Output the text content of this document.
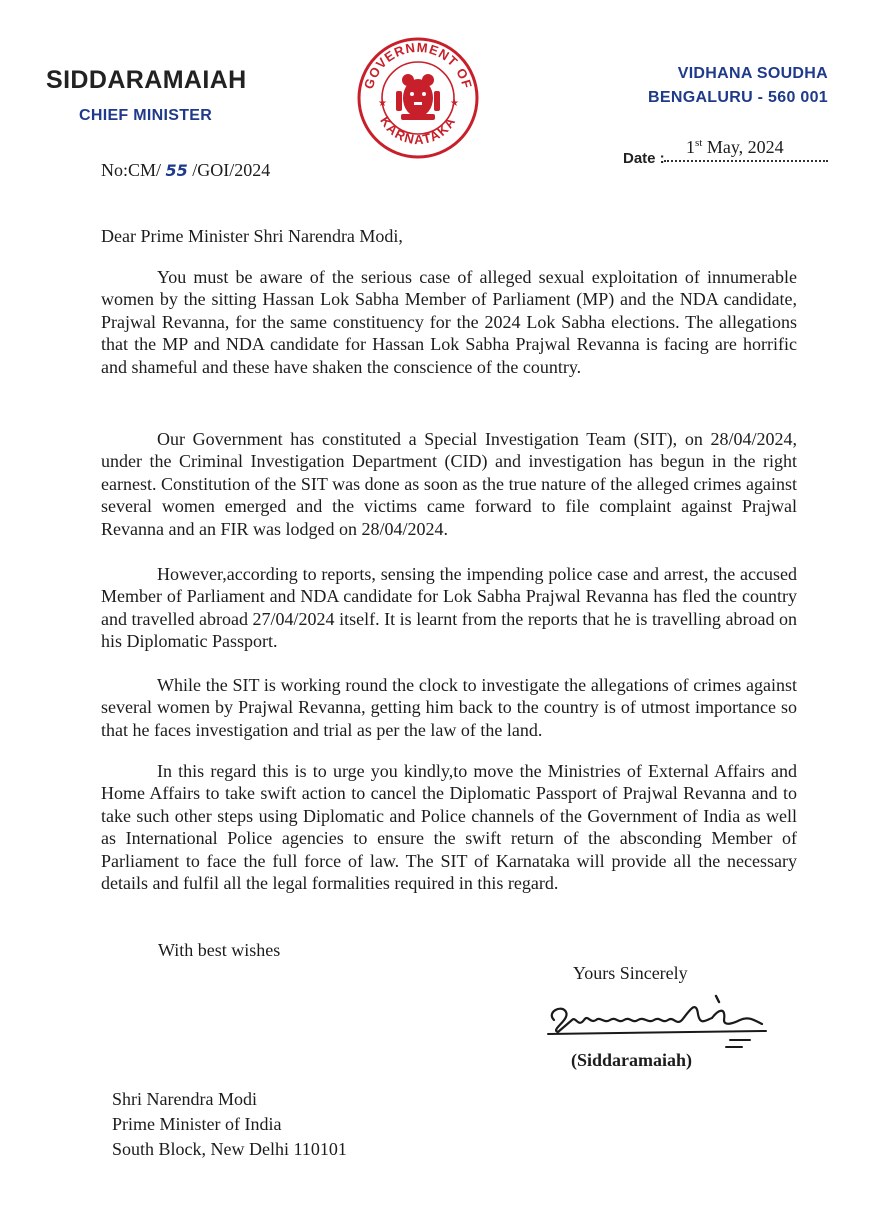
SIDDARAMAIAH
CHIEF MINISTER
GOVERNMENT OF
KARNATAKA
★	★
VIDHANA SOUDHA
BENGALURU - 560 001
No:CM/ 55 /GOI/2024
Date :
1st May, 2024
Dear Prime Minister Shri Narendra Modi,

You must be aware of the serious case of alleged sexual exploitation of innumerable women by the sitting Hassan Lok Sabha Member of Parliament (MP) and the NDA candidate, Prajwal Revanna, for the same constituency for the 2024 Lok Sabha elections. The allegations that the MP and NDA candidate for Hassan Lok Sabha Prajwal Revanna is facing are horrific and shameful and these have shaken the conscience of the country.

Our Government has constituted a Special Investigation Team (SIT), on 28/04/2024, under the Criminal Investigation Department (CID) and investigation has begun in the right earnest. Constitution of the SIT was done as soon as the true nature of the alleged crimes against several women emerged and the victims came forward to file complaint against Prajwal Revanna and an FIR was lodged on 28/04/2024.

However,according to reports, sensing the impending police case and arrest, the accused Member of Parliament and NDA candidate for Lok Sabha Prajwal Revanna has fled the country and travelled abroad 27/04/2024 itself. It is learnt from the reports that he is travelling abroad on his Diplomatic Passport.

While the SIT is working round the clock to investigate the allegations of crimes against several women by Prajwal Revanna, getting him back to the country is of utmost importance so that he faces investigation and trial as per the law of the land.

In this regard this is to urge you kindly,to move the Ministries of External Affairs and Home Affairs to take swift action to cancel the Diplomatic Passport of Prajwal Revanna and to take such other steps using Diplomatic and Police channels of the Government of India as well as International Police agencies to ensure the swift return of the absconding Member of Parliament to face the full force of law. The SIT of Karnataka will provide all the necessary details and fulfil all the legal formalities required in this regard.

With best wishes
Yours Sincerely
(Siddaramaiah)
Shri Narendra Modi
Prime Minister of India
South Block, New Delhi 110101
